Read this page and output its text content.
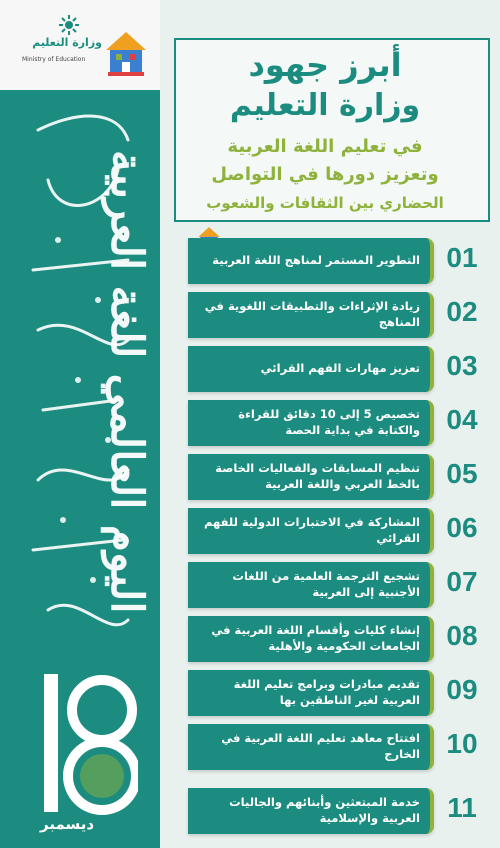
وزارة التعليم
Ministry of Education
اليوم العالمي للغة العربية
ديسمبر
أبرز جهود
وزارة التعليم
في تعليم اللغة العربية
وتعزيز دورها في التواصل
الحضاري بين الثقافات والشعوب
التطوير المستمر لمناهج اللغة العربية 01
زيادة الإثراءات والتطبيقات اللغوية في المناهج 02
تعزيز مهارات الفهم القرائي 03
تخصيص 5 إلى 10 دقائق للقراءة والكتابة في بداية الحصة 04
تنظيم المسابقات والفعاليات الخاصة بالخط العربي واللغة العربية 05
المشاركة في الاختبارات الدولية للفهم القرائي 06
تشجيع الترجمة العلمية من اللغات الأجنبية إلى العربية 07
إنشاء كليات وأقسام اللغة العربية في الجامعات الحكومية والأهلية 08
تقديم مبادرات وبرامج تعليم اللغة العربية لغير الناطقين بها 09
افتتاح معاهد تعليم اللغة العربية في الخارج 10
خدمة المبتعثين وأبنائهم والجاليات العربية والإسلامية 11
